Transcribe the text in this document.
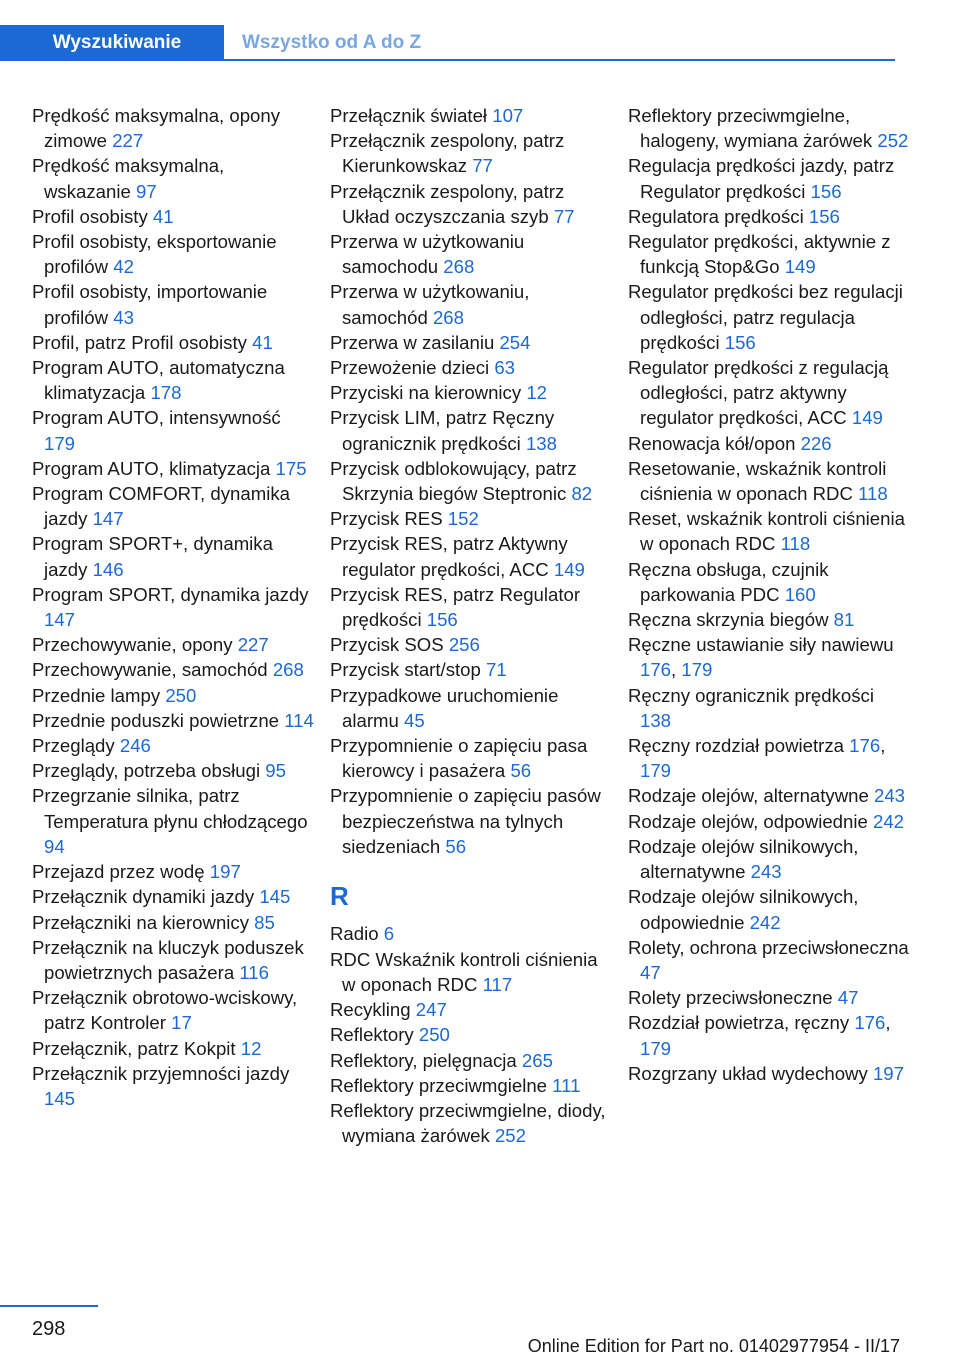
Wyszukiwanie	Wszystko od A do Z
Prędkość maksymalna, opony zimowe 227
Prędkość maksymalna, wskazanie 97
Profil osobisty 41
Profil osobisty, eksportowanie profilów 42
Profil osobisty, importowanie profilów 43
Profil, patrz Profil osobisty 41
Program AUTO, automatyczna klimatyzacja 178
Program AUTO, intensywność 179
Program AUTO, klimatyzacja 175
Program COMFORT, dynamika jazdy 147
Program SPORT+, dynamika jazdy 146
Program SPORT, dynamika jazdy 147
Przechowywanie, opony 227
Przechowywanie, samochód 268
Przednie lampy 250
Przednie poduszki powietrzne 114
Przeglądy 246
Przeglądy, potrzeba obsługi 95
Przegrzanie silnika, patrz Temperatura płynu chłodzącego 94
Przejazd przez wodę 197
Przełącznik dynamiki jazdy 145
Przełączniki na kierownicy 85
Przełącznik na kluczyk poduszek powietrznych pasażera 116
Przełącznik obrotowo-wciskowy, patrz Kontroler 17
Przełącznik, patrz Kokpit 12
Przełącznik przyjemności jazdy 145
Przełącznik świateł 107
Przełącznik zespolony, patrz Kierunkowskaz 77
Przełącznik zespolony, patrz Układ oczyszczania szyb 77
Przerwa w użytkowaniu samochodu 268
Przerwa w użytkowaniu, samochód 268
Przerwa w zasilaniu 254
Przewożenie dzieci 63
Przyciski na kierownicy 12
Przycisk LIM, patrz Ręczny ogranicznik prędkości 138
Przycisk odblokowujący, patrz Skrzynia biegów Steptronic 82
Przycisk RES 152
Przycisk RES, patrz Aktywny regulator prędkości, ACC 149
Przycisk RES, patrz Regulator prędkości 156
Przycisk SOS 256
Przycisk start/stop 71
Przypadkowe uruchomienie alarmu 45
Przypomnienie o zapięciu pasa kierowcy i pasażera 56
Przypomnienie o zapięciu pasów bezpieczeństwa na tylnych siedzeniach 56
R
Radio 6
RDC Wskaźnik kontroli ciśnienia w oponach RDC 117
Recykling 247
Reflektory 250
Reflektory, pielęgnacja 265
Reflektory przeciwmgielne 111
Reflektory przeciwmgielne, diody, wymiana żarówek 252
Reflektory przeciwmgielne, halogeny, wymiana żarówek 252
Regulacja prędkości jazdy, patrz Regulator prędkości 156
Regulatora prędkości 156
Regulator prędkości, aktywnie z funkcją Stop&Go 149
Regulator prędkości bez regulacji odległości, patrz regulacja prędkości 156
Regulator prędkości z regulacją odległości, patrz aktywny regulator prędkości, ACC 149
Renowacja kół/opon 226
Resetowanie, wskaźnik kontroli ciśnienia w oponach RDC 118
Reset, wskaźnik kontroli ciśnienia w oponach RDC 118
Ręczna obsługa, czujnik parkowania PDC 160
Ręczna skrzynia biegów 81
Ręczne ustawianie siły nawiewu 176, 179
Ręczny ogranicznik prędkości 138
Ręczny rozdział powietrza 176, 179
Rodzaje olejów, alternatywne 243
Rodzaje olejów, odpowiednie 242
Rodzaje olejów silnikowych, alternatywne 243
Rodzaje olejów silnikowych, odpowiednie 242
Rolety, ochrona przeciwsłoneczna 47
Rolety przeciwsłoneczne 47
Rozdział powietrza, ręczny 176, 179
Rozgrzany układ wydechowy 197
298
Online Edition for Part no. 01402977954 - II/17
